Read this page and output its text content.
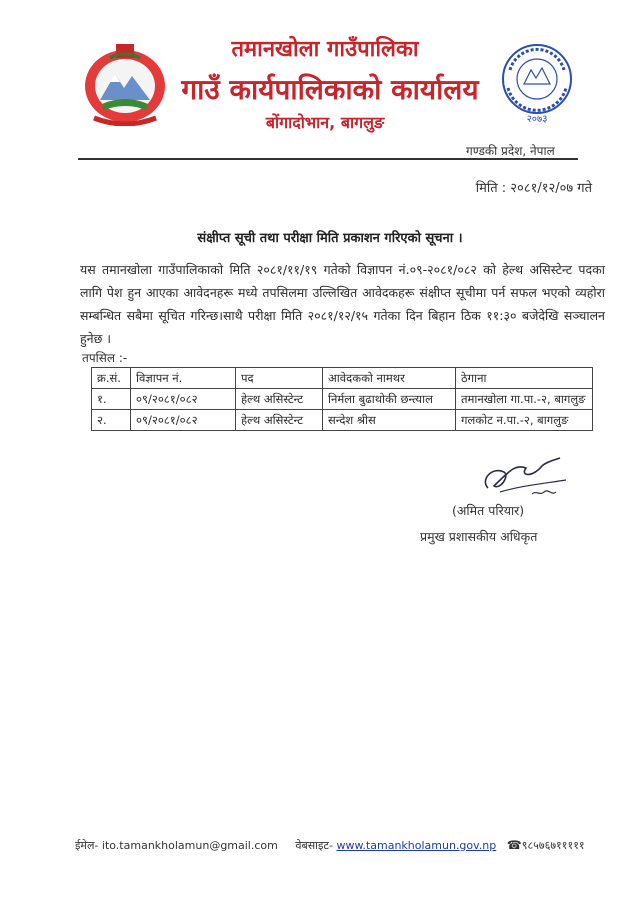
तमानखोला गाउँपालिका
गाउँ कार्यपालिकाको कार्यालय
बोंगादोभान, बागलुङ	२०७३
गण्डकी प्रदेश, नेपाल
मिति : २०८१/१२/०७ गते
संक्षीप्त सूची तथा परीक्षा मिति प्रकाशन गरिएको सूचना ।
यस तमानखोला गाउँपालिकाको मिति २०८१/११/१९ गतेको विज्ञापन नं.०९-२०८१/०८२ को हेल्थ असिस्टेन्ट पदका लागि पेश हुन आएका आवेदनहरू मध्ये तपसिलमा उल्लिखित आवेदकहरू संक्षीप्त सूचीमा पर्न सफल भएको व्यहोरा सम्बन्धित सबैमा सूचित गरिन्छ।साथै परीक्षा मिति २०८१/१२/१५ गतेका दिन बिहान ठिक ११:३० बजेदेखि सञ्चालन हुनेछ ।
तपसिल :-
क्र.सं.	विज्ञापन नं.	पद	आवेदकको नामथर	ठेगाना
१.	०९/२०८१/०८२	हेल्थ असिस्टेन्ट	निर्मला बुढाथोकी छन्त्याल	तमानखोला गा.पा.-२, बागलुङ
२.	०९/२०८१/०८२	हेल्थ असिस्टेन्ट	सन्देश श्रीस	गलकोट न.पा.-२, बागलुङ
(अमित परियार)
प्रमुख प्रशासकीय अधिकृत
ईमेल- ito.tamankholamun@gmail.com वेबसाइट- www.tamankholamun.gov.np ☎९८५७६७१११११
